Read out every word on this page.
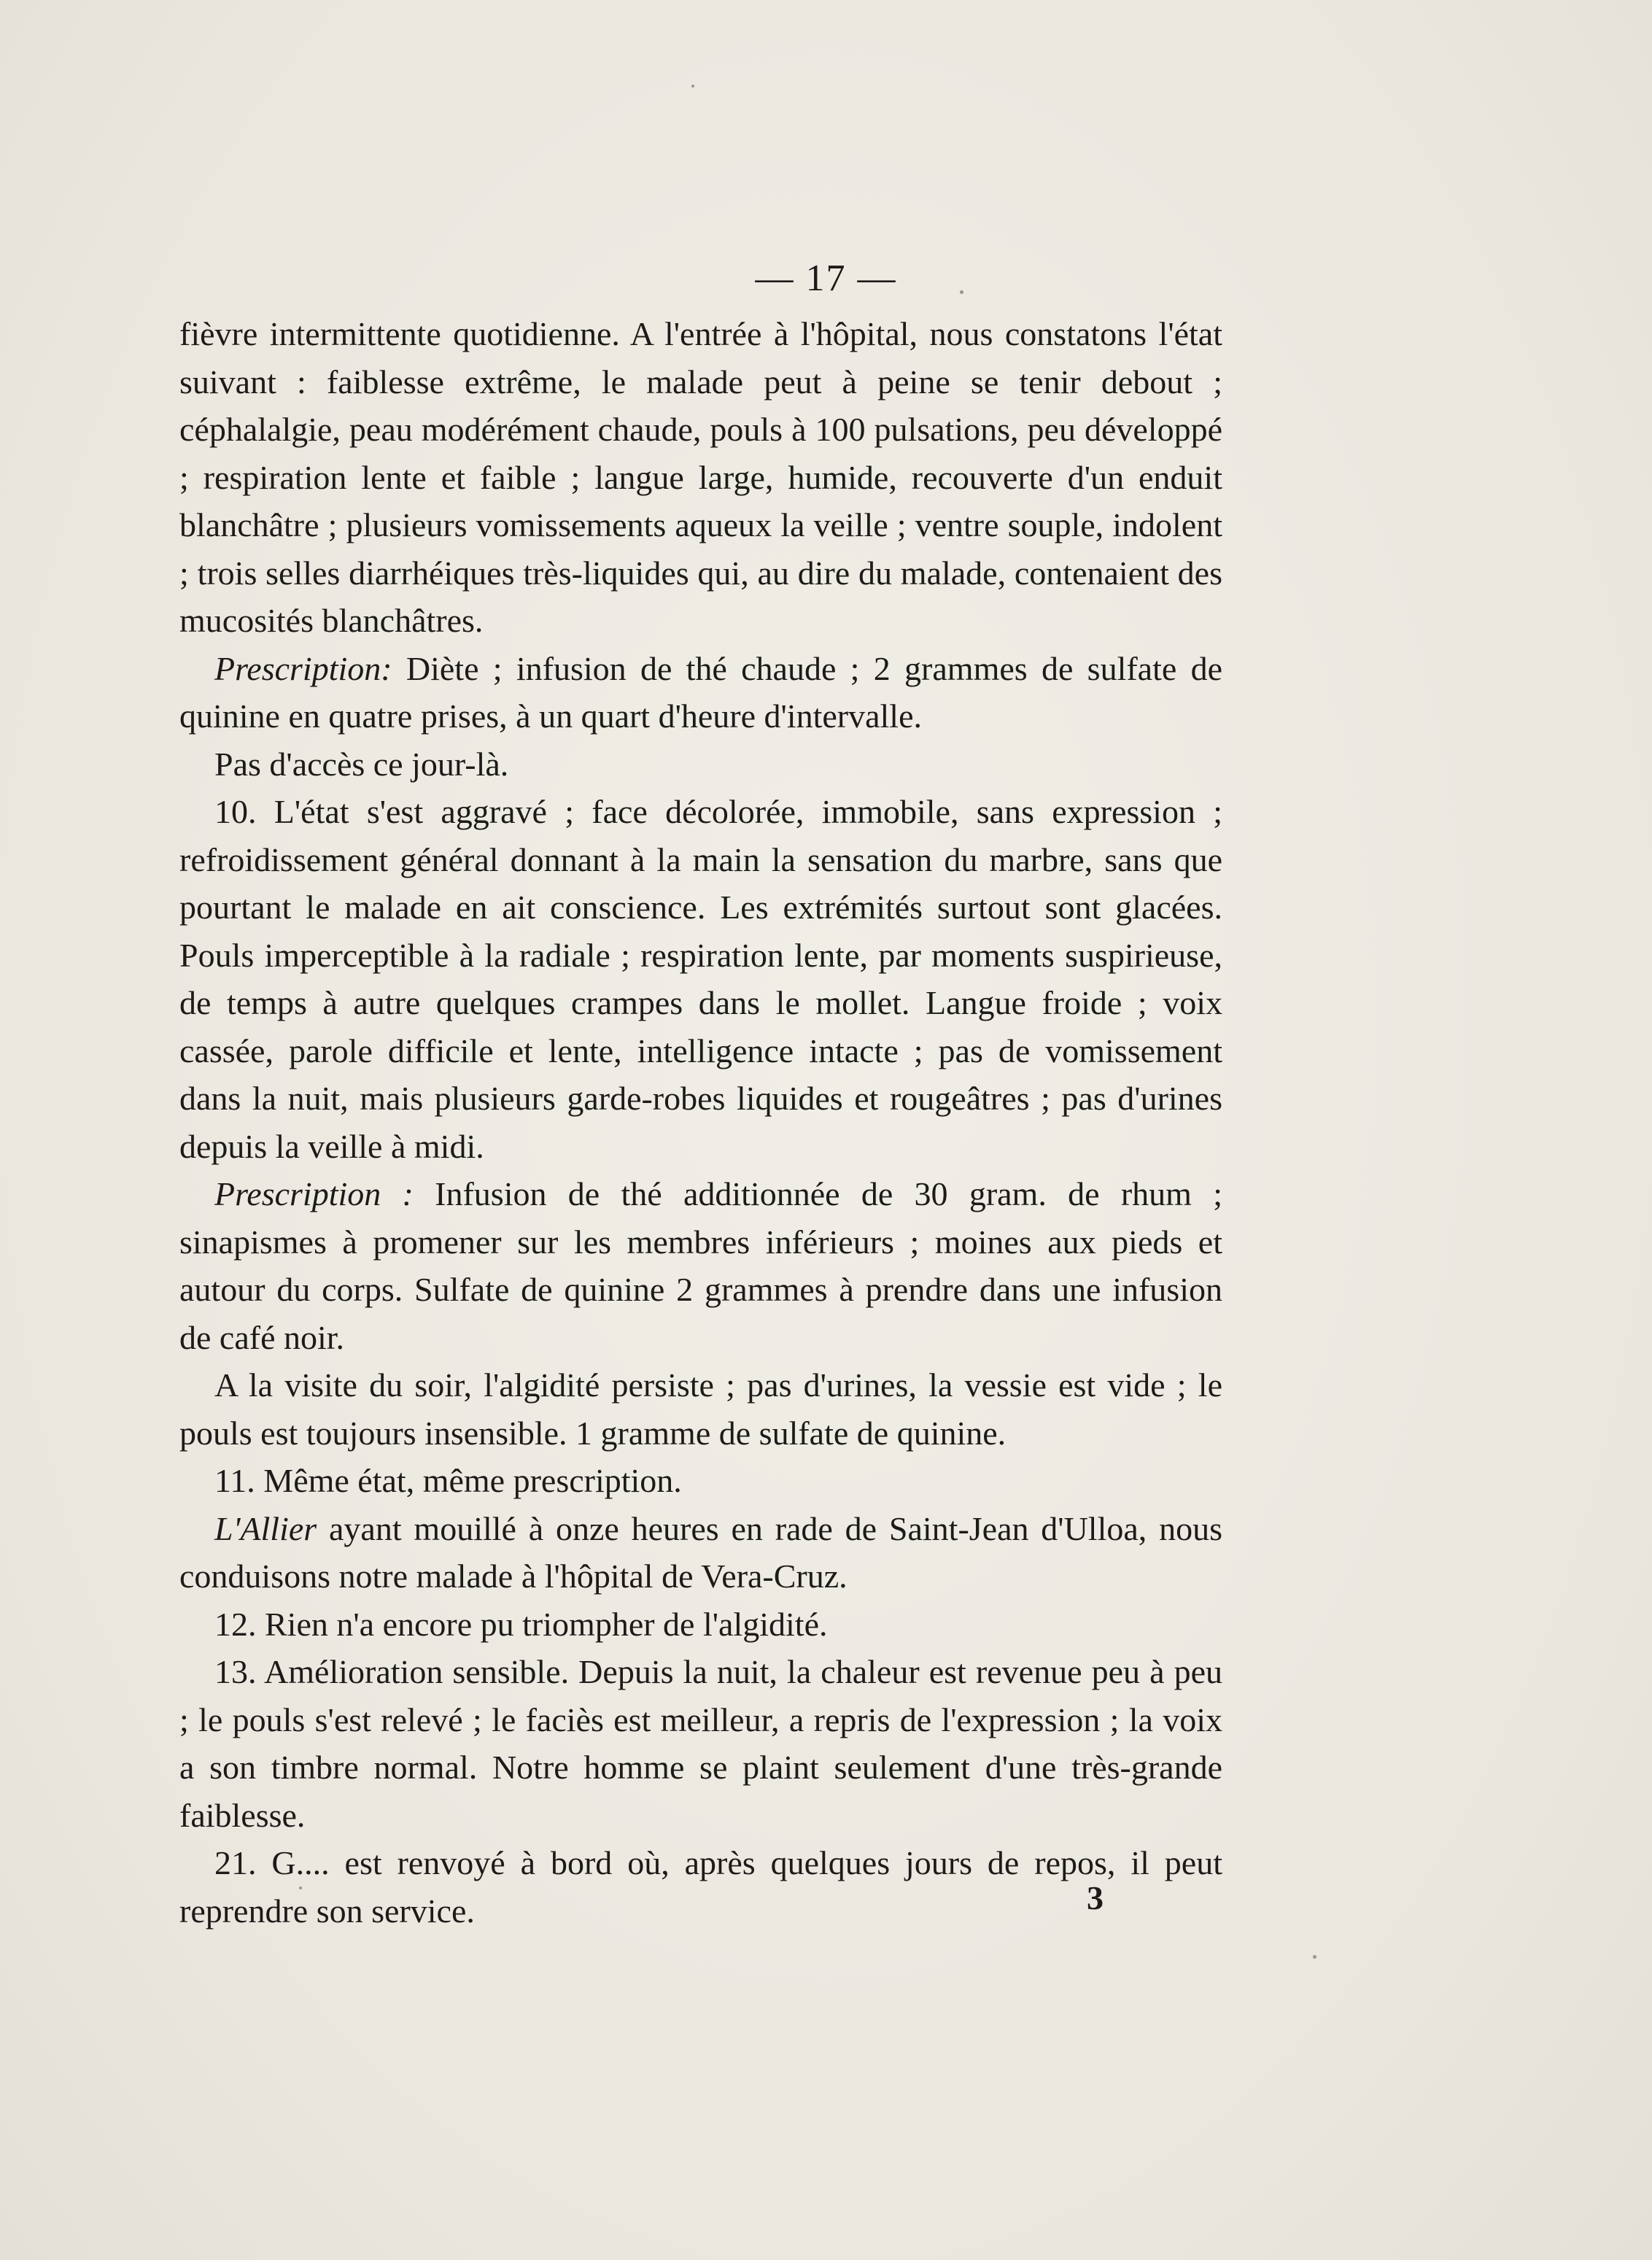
— 17 —

fièvre intermittente quotidienne. A l'entrée à l'hôpital, nous constatons l'état suivant : faiblesse extrême, le malade peut à peine se tenir debout ; céphalalgie, peau modérément chaude, pouls à 100 pulsations, peu développé ; respiration lente et faible ; langue large, humide, recouverte d'un enduit blanchâtre ; plusieurs vomissements aqueux la veille ; ventre souple, indolent ; trois selles diarrhéiques très-liquides qui, au dire du malade, contenaient des mucosités blanchâtres.

Prescription: Diète ; infusion de thé chaude ; 2 grammes de sulfate de quinine en quatre prises, à un quart d'heure d'intervalle.

Pas d'accès ce jour-là.

10. L'état s'est aggravé ; face décolorée, immobile, sans expression ; refroidissement général donnant à la main la sensation du marbre, sans que pourtant le malade en ait conscience. Les extrémités surtout sont glacées. Pouls imperceptible à la radiale ; respiration lente, par moments suspirieuse, de temps à autre quelques crampes dans le mollet. Langue froide ; voix cassée, parole difficile et lente, intelligence intacte ; pas de vomissement dans la nuit, mais plusieurs garde-robes liquides et rougeâtres ; pas d'urines depuis la veille à midi.

Prescription : Infusion de thé additionnée de 30 gram. de rhum ; sinapismes à promener sur les membres inférieurs ; moines aux pieds et autour du corps. Sulfate de quinine 2 grammes à prendre dans une infusion de café noir.

A la visite du soir, l'algidité persiste ; pas d'urines, la vessie est vide ; le pouls est toujours insensible. 1 gramme de sulfate de quinine.

11. Même état, même prescription.

L'Allier ayant mouillé à onze heures en rade de Saint-Jean d'Ulloa, nous conduisons notre malade à l'hôpital de Vera-Cruz.

12. Rien n'a encore pu triompher de l'algidité.

13. Amélioration sensible. Depuis la nuit, la chaleur est revenue peu à peu ; le pouls s'est relevé ; le faciès est meilleur, a repris de l'expression ; la voix a son timbre normal. Notre homme se plaint seulement d'une très-grande faiblesse.

21. G.... est renvoyé à bord où, après quelques jours de repos, il peut reprendre son service.	3
